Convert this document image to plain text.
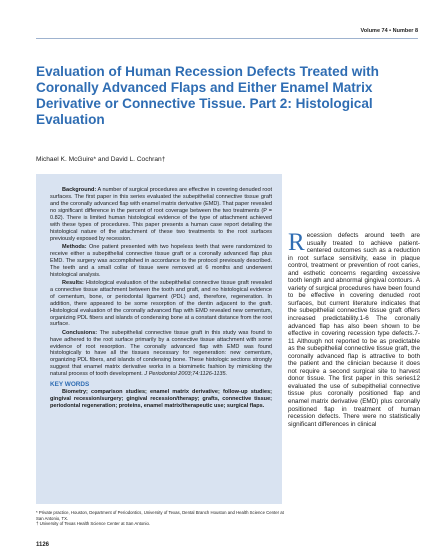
Volume 74 • Number 8
Evaluation of Human Recession Defects Treated with Coronally Advanced Flaps and Either Enamel Matrix Derivative or Connective Tissue. Part 2: Histological Evaluation
Michael K. McGuire* and David L. Cochran†

Background: A number of surgical procedures are effective in covering denuded root surfaces. The first paper in this series evaluated the subepithelial connective tissue graft and the coronally advanced flap with enamel matrix derivative (EMD). That paper revealed no significant difference in the percent of root coverage between the two treatments (P = 0.82). There is limited human histological evidence of the type of attachment achieved with these types of procedures. This paper presents a human case report detailing the histological nature of the attachment of these two treatments to the root surfaces previously exposed by recession.

Methods: One patient presented with two hopeless teeth that were randomized to receive either a subepithelial connective tissue graft or a coronally advanced flap plus EMD. The surgery was accomplished in accordance to the protocol previously described. The teeth and a small collar of tissue were removed at 6 months and underwent histological analysis.

Results: Histological evaluation of the subepithelial connective tissue graft revealed a connective tissue attachment between the tooth and graft, and no histological evidence of cementum, bone, or periodontal ligament (PDL) and, therefore, regeneration. In addition, there appeared to be some resorption of the dentin adjacent to the graft. Histological evaluation of the coronally advanced flap with EMD revealed new cementum, organizing PDL fibers and islands of condensing bone at a constant distance from the root surface.

Conclusions: The subepithelial connective tissue graft in this study was found to have adhered to the root surface primarily by a connective tissue attachment with some evidence of root resorption. The coronally advanced flap with EMD was found histologically to have all the tissues necessary for regeneration: new cementum, organizing PDL fibers, and islands of condensing bone. These histologic sections strongly suggest that enamel matrix derivative works in a biomimetic fashion by mimicking the natural process of tooth development. J Periodontol 2003;74:1126-1135.

KEY WORDS

Biometry; comparison studies; enamel matrix derivative; follow-up studies; gingival recession/surgery; gingival recession/therapy; grafts, connective tissue; periodontal regeneration; proteins, enamel matrix/therapeutic use; surgical flaps.

* Private practice, Houston, Department of Periodontics, University of Texas, Dental Branch Houston and Health Science Center at San Antonio, TX.
† University of Texas Health Science Center at San Antonio.
1126

Recession defects around teeth are usually treated to achieve patient-centered outcomes such as a reduction in root surface sensitivity, ease in plaque control, treatment or prevention of root caries, and esthetic concerns regarding excessive tooth length and abnormal gingival contours. A variety of surgical procedures have been found to be effective in covering denuded root surfaces, but current literature indicates that the subepithelial connective tissue graft offers increased predictability.1-6 The coronally advanced flap has also been shown to be effective in covering recession type defects.7-11 Although not reported to be as predictable as the subepithelial connective tissue graft, the coronally advanced flap is attractive to both the patient and the clinician because it does not require a second surgical site to harvest donor tissue. The first paper in this series12 evaluated the use of subepithelial connective tissue plus coronally positioned flap and enamel matrix derivative (EMD) plus coronally positioned flap in treatment of human recession defects. There were no statistically significant differences in clinical
